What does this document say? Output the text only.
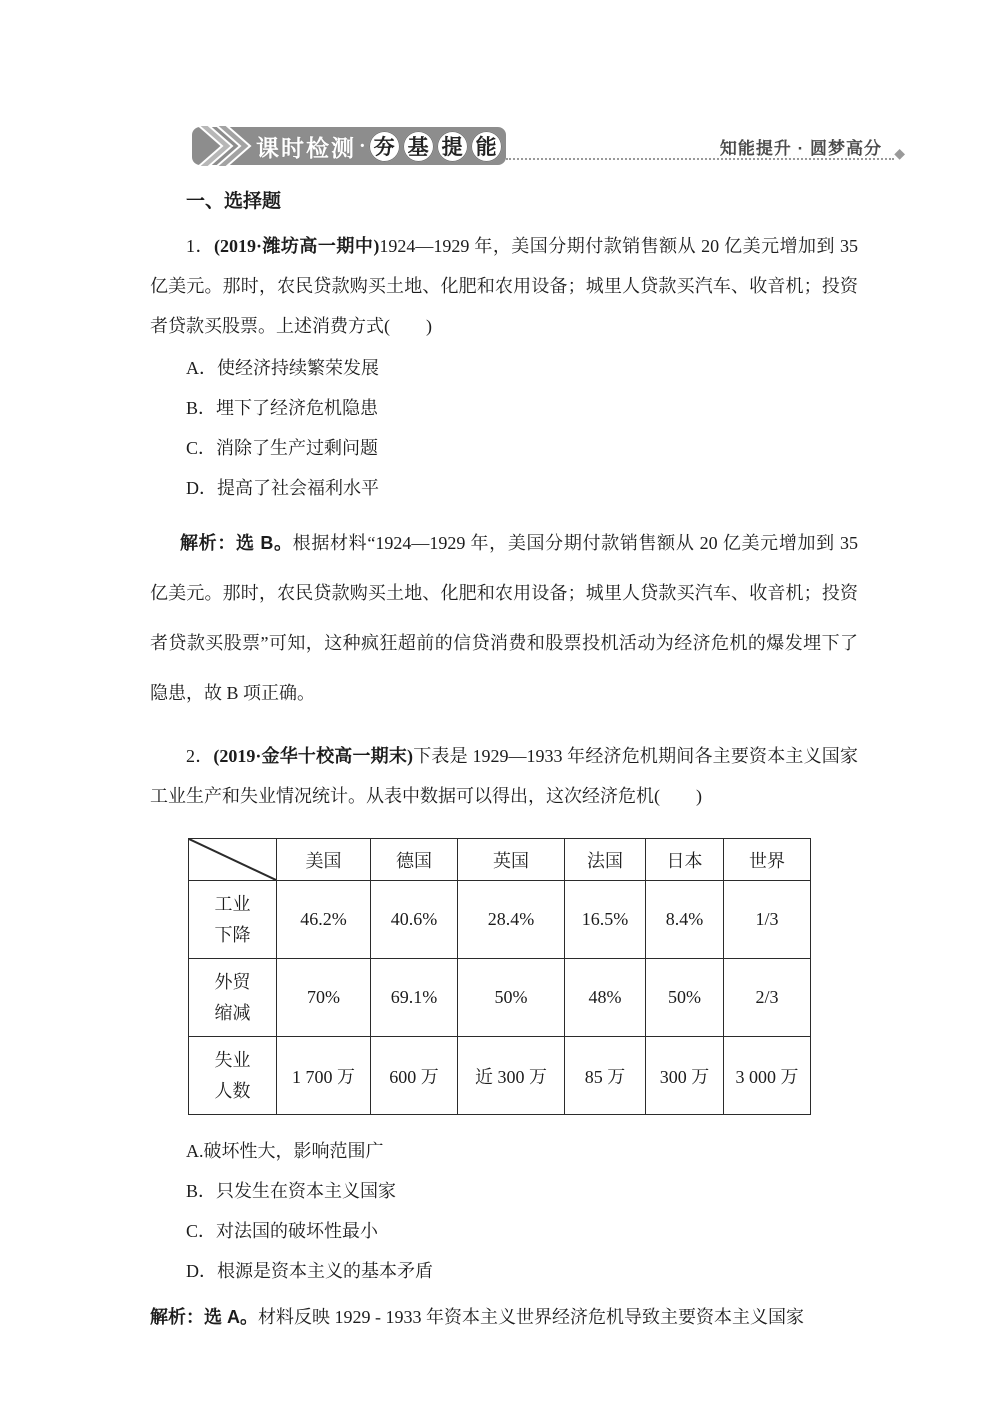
课时检测 · 夯 基 提 能	知能提升 · 圆梦高分 ◆
一、选择题

1．(2019·潍坊高一期中)1924—1929 年，美国分期付款销售额从 20 亿美元增加到 35 亿美元。那时，农民贷款购买土地、化肥和农用设备；城里人贷款买汽车、收音机；投资者贷款买股票。上述消费方式(　　)

A．使经济持续繁荣发展
B．埋下了经济危机隐患
C．消除了生产过剩问题
D．提高了社会福利水平

解析：选 B。根据材料“1924—1929 年，美国分期付款销售额从 20 亿美元增加到 35 亿美元。那时，农民贷款购买土地、化肥和农用设备；城里人贷款买汽车、收音机；投资者贷款买股票”可知，这种疯狂超前的信贷消费和股票投机活动为经济危机的爆发埋下了隐患，故 B 项正确。

2．(2019·金华十校高一期末)下表是 1929—1933 年经济危机期间各主要资本主义国家工业生产和失业情况统计。从表中数据可以得出，这次经济危机(　　)

	美国	德国	英国	法国	日本	世界

工业
下降	46.2%	40.6%	28.4%	16.5%	8.4%	1/3

外贸
缩减	70%	69.1%	50%	48%	50%	2/3

失业
人数	1 700 万	600 万	近 300 万	85 万	300 万	3 000 万
A.破坏性大，影响范围广
B．只发生在资本主义国家
C．对法国的破坏性最小
D．根源是资本主义的基本矛盾

解析：选 A。材料反映 1929 - 1933 年资本主义世界经济危机导致主要资本主义国家
